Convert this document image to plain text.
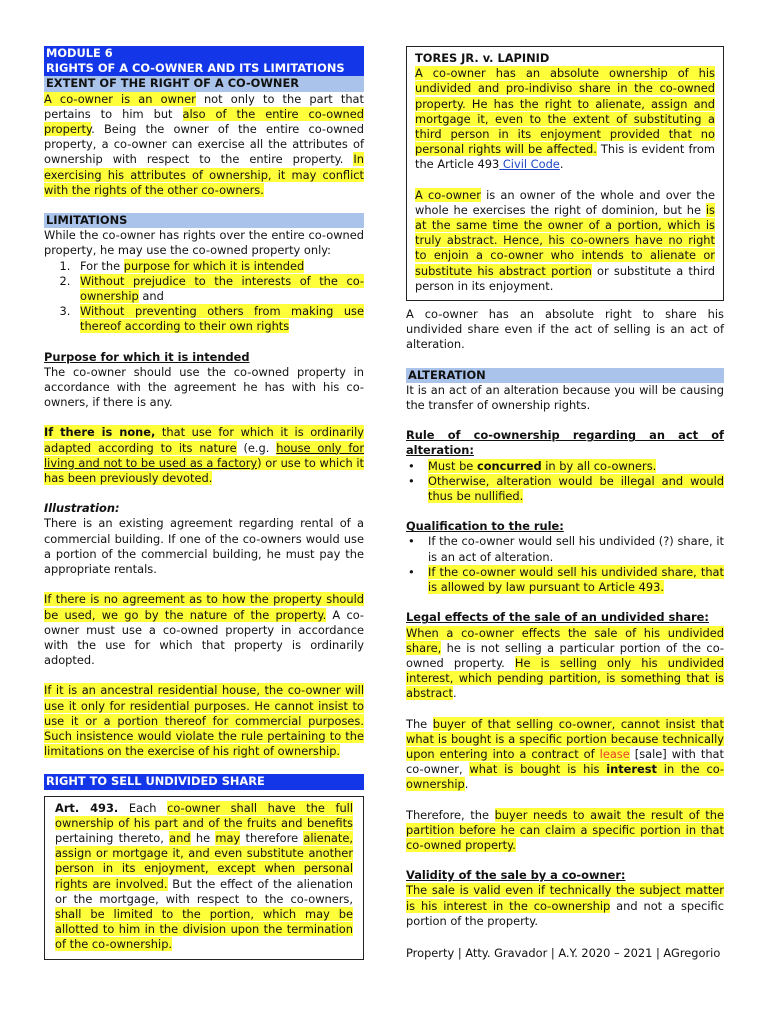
MODULE 6
RIGHTS OF A CO-OWNER AND ITS LIMITATIONS
EXTENT OF THE RIGHT OF A CO-OWNER

A co-owner is an owner not only to the part that pertains to him but also of the entire co-owned property. Being the owner of the entire co-owned property, a co-owner can exercise all the attributes of ownership with respect to the entire property. In exercising his attributes of ownership, it may conflict with the rights of the other co-owners.

LIMITATIONS

While the co-owner has rights over the entire co-owned property, he may use the co-owned property only:

1. For the purpose for which it is intended
2. Without prejudice to the interests of the co-ownership and
3. Without preventing others from making use thereof according to their own rights
Purpose for which it is intended

The co-owner should use the co-owned property in accordance with the agreement he has with his co-owners, if there is any.

If there is none, that use for which it is ordinarily adapted according to its nature (e.g. house only for living and not to be used as a factory) or use to which it has been previously devoted.

Illustration:

There is an existing agreement regarding rental of a commercial building. If one of the co-owners would use a portion of the commercial building, he must pay the appropriate rentals.

If there is no agreement as to how the property should be used, we go by the nature of the property. A co-owner must use a co-owned property in accordance with the use for which that property is ordinarily adopted.

If it is an ancestral residential house, the co-owner will use it only for residential purposes. He cannot insist to use it or a portion thereof for commercial purposes. Such insistence would violate the rule pertaining to the limitations on the exercise of his right of ownership.

RIGHT TO SELL UNDIVIDED SHARE
Art. 493. Each co-owner shall have the full ownership of his part and of the fruits and benefits pertaining thereto, and he may therefore alienate, assign or mortgage it, and even substitute another person in its enjoyment, except when personal rights are involved. But the effect of the alienation or the mortgage, with respect to the co-owners, shall be limited to the portion, which may be allotted to him in the division upon the termination of the co-ownership.
TORES JR. v. LAPINID

A co-owner has an absolute ownership of his undivided and pro-indiviso share in the co-owned property. He has the right to alienate, assign and mortgage it, even to the extent of substituting a third person in its enjoyment provided that no personal rights will be affected. This is evident from the Article 493 Civil Code.

A co-owner is an owner of the whole and over the whole he exercises the right of dominion, but he is at the same time the owner of a portion, which is truly abstract. Hence, his co-owners have no right to enjoin a co-owner who intends to alienate or substitute his abstract portion or substitute a third person in its enjoyment.

A co-owner has an absolute right to share his undivided share even if the act of selling is an act of alteration.

ALTERATION

It is an act of an alteration because you will be causing the transfer of ownership rights.

Rule of co-ownership regarding an act of alteration:
• Must be concurred in by all co-owners.
• Otherwise, alteration would be illegal and would thus be nullified.
Qualification to the rule:
• If the co-owner would sell his undivided (?) share, it is an act of alteration.
• If the co-owner would sell his undivided share, that is allowed by law pursuant to Article 493.
Legal effects of the sale of an undivided share:

When a co-owner effects the sale of his undivided share, he is not selling a particular portion of the co-owned property. He is selling only his undivided interest, which pending partition, is something that is abstract.

The buyer of that selling co-owner, cannot insist that what is bought is a specific portion because technically upon entering into a contract of lease [sale] with that co-owner, what is bought is his interest in the co-ownership.

Therefore, the buyer needs to await the result of the partition before he can claim a specific portion in that co-owned property.

Validity of the sale by a co-owner:

The sale is valid even if technically the subject matter is his interest in the co-ownership and not a specific portion of the property.

Property | Atty. Gravador | A.Y. 2020 – 2021 | AGregorio
